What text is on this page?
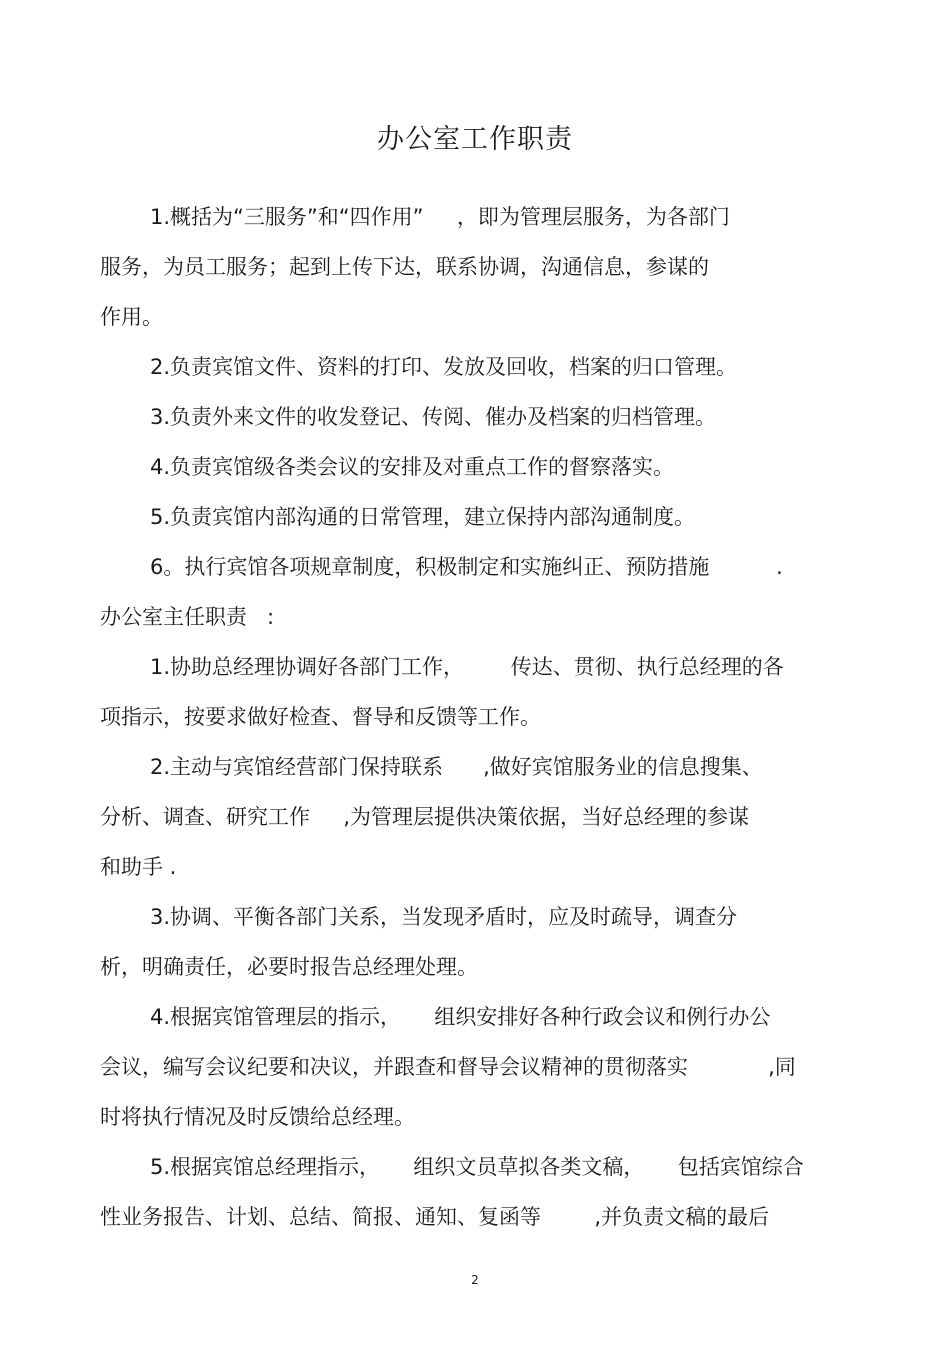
办公室工作职责
1.概括为“三服务”和“四作用”     ，即为管理层服务，为各部门
服务，为员工服务；起到上传下达，联系协调，沟通信息，参谋的
作用。
2.负责宾馆文件、资料的打印、发放及回收，档案的归口管理。
3.负责外来文件的收发登记、传阅、催办及档案的归档管理。
4.负责宾馆级各类会议的安排及对重点工作的督察落实。
5.负责宾馆内部沟通的日常管理，建立保持内部沟通制度。
6。执行宾馆各项规章制度，积极制定和实施纠正、预防措施          .
办公室主任职责   :
1.协助总经理协调好各部门工作，       传达、贯彻、执行总经理的各
项指示，按要求做好检查、督导和反馈等工作。
2.主动与宾馆经营部门保持联系      ,做好宾馆服务业的信息搜集、
分析、调查、研究工作     ,为管理层提供决策依据，当好总经理的参谋
和助手 .
3.协调、平衡各部门关系，当发现矛盾时，应及时疏导，调查分
析，明确责任，必要时报告总经理处理。
4.根据宾馆管理层的指示，     组织安排好各种行政会议和例行办公
会议，编写会议纪要和决议，并跟查和督导会议精神的贯彻落实            ,同
时将执行情况及时反馈给总经理。
5.根据宾馆总经理指示，     组织文员草拟各类文稿，     包括宾馆综合
性业务报告、计划、总结、简报、通知、复函等        ,并负责文稿的最后
2
